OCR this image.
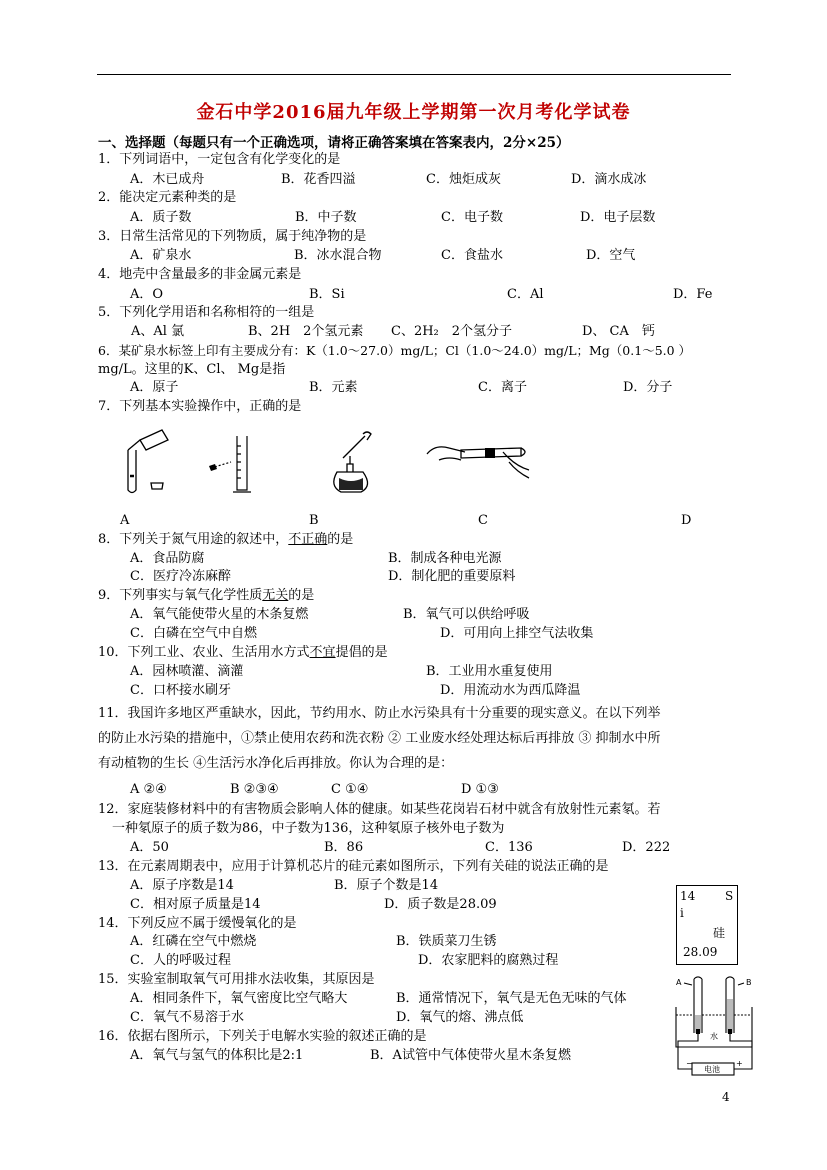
金石中学2016届九年级上学期第一次月考化学试卷
一、选择题（每题只有一个正确选项，请将正确答案填在答案表内，2分×25）
1．下列词语中，一定包含有化学变化的是
A．木已成舟	B．花香四溢	C．烛炬成灰	D．滴水成冰
2．能决定元素种类的是
A．质子数	B．中子数	C．电子数	D．电子层数
3．日常生活常见的下列物质，属于纯净物的是
A．矿泉水	B．冰水混合物	C．食盐水	D．空气
4．地壳中含量最多的非金属元素是
A．O	B．Si	C．Al	D．Fe
5．下列化学用语和名称相符的一组是
A、Al 氯	B、2H　2个氢元素 C、2H₂　2个氢分子	D、 CA　钙
6．某矿泉水标签上印有主要成分有：K（1.0～27.0）mg/L；Cl（1.0～24.0）mg/L；Mg（0.1～5.0 ）
mg/L。这里的K、Cl、 Mg是指
A．原子	B．元素	C．离子	D．分子
7．下列基本实验操作中，正确的是
A	B	C	D
8．下列关于氮气用途的叙述中，不正确的是
A．食品防腐	B．制成各种电光源
C．医疗冷冻麻醉	D．制化肥的重要原料
9．下列事实与氧气化学性质无关的是
A．氧气能使带火星的木条复燃	B．氧气可以供给呼吸
C．白磷在空气中自燃	D．可用向上排空气法收集
10．下列工业、农业、生活用水方式不宜提倡的是
A．园林喷灌、滴灌	B．工业用水重复使用
C．口杯接水刷牙	D．用流动水为西瓜降温
11．我国许多地区严重缺水，因此，节约用水、防止水污染具有十分重要的现实意义。在以下列举
的防止水污染的措施中，①禁止使用农药和洗衣粉 ② 工业废水经处理达标后再排放 ③ 抑制水中所
有动植物的生长 ④生活污水净化后再排放。你认为合理的是：
A ②④	B ②③④	C ①④	D ①③
12．家庭装修材料中的有害物质会影响人体的健康。如某些花岗岩石材中就含有放射性元素氡。若
一种氡原子的质子数为86，中子数为136，这种氡原子核外电子数为
A．50	B．86	C．136	D．222
13．在元素周期表中，应用于计算机芯片的硅元素如图所示，下列有关硅的说法正确的是
A．原子序数是14	B．原子个数是14
C．相对原子质量是14	D．质子数是28.09
14 S
i
硅
28.09
14．下列反应不属于缓慢氧化的是
A．红磷在空气中燃烧	B．铁质菜刀生锈
C．人的呼吸过程	D．农家肥料的腐熟过程
15．实验室制取氧气可用排水法收集，其原因是
A．相同条件下，氧气密度比空气略大	B．通常情况下，氧气是无色无味的气体
C．氧气不易溶于水	D．氧气的熔、沸点低
16．依据右图所示，下列关于电解水实验的叙述正确的是
A．氧气与氢气的体积比是2:1	B．A试管中气体使带火星木条复燃
A	B
水
电池
−	+
4
